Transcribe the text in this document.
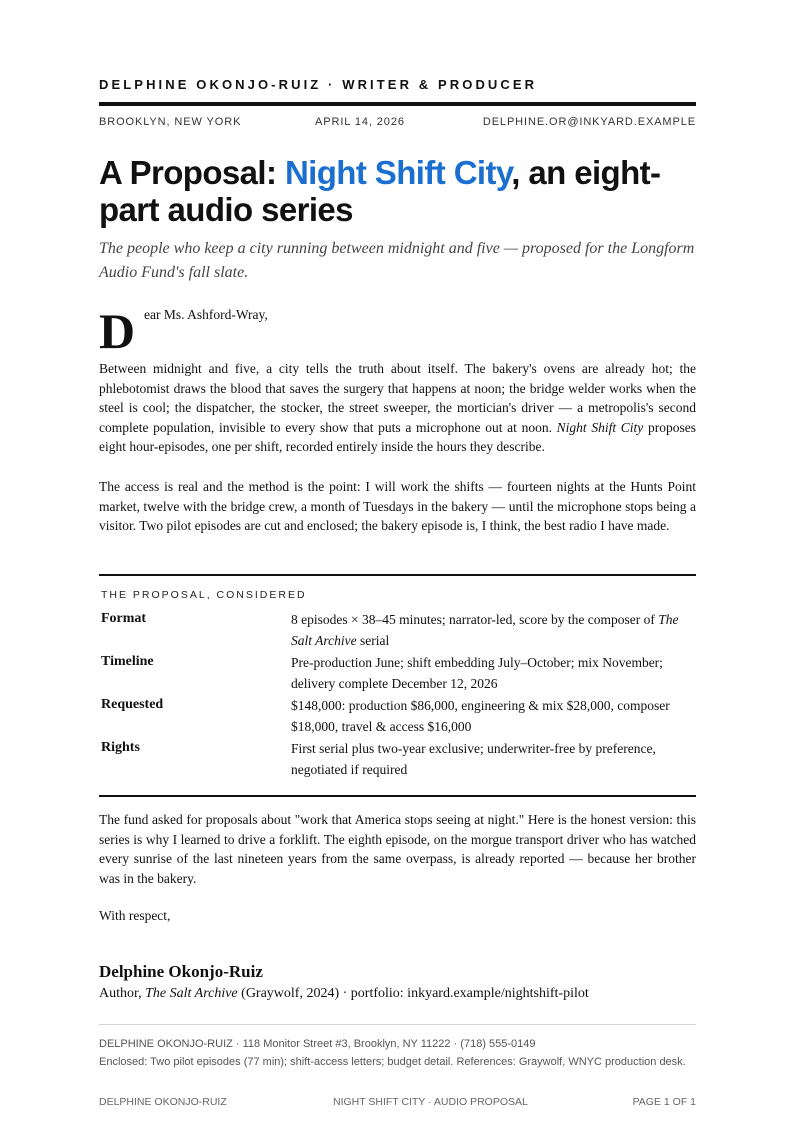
DELPHINE OKONJO-RUIZ · WRITER & PRODUCER
BROOKLYN, NEW YORK	APRIL 14, 2026	DELPHINE.OR@INKYARD.EXAMPLE
A Proposal: Night Shift City, an eight-part audio series
The people who keep a city running between midnight and five — proposed for the Longform Audio Fund's fall slate.
D ear Ms. Ashford-Wray,

Between midnight and five, a city tells the truth about itself. The bakery's ovens are already hot; the phlebotomist draws the blood that saves the surgery that happens at noon; the bridge welder works when the steel is cool; the dispatcher, the stocker, the street sweeper, the mortician's driver — a metropolis's second complete population, invisible to every show that puts a microphone out at noon. Night Shift City proposes eight hour-episodes, one per shift, recorded entirely inside the hours they describe.

The access is real and the method is the point: I will work the shifts — fourteen nights at the Hunts Point market, twelve with the bridge crew, a month of Tuesdays in the bakery — until the microphone stops being a visitor. Two pilot episodes are cut and enclosed; the bakery episode is, I think, the best radio I have made.

THE PROPOSAL, CONSIDERED
Format	8 episodes × 38–45 minutes; narrator-led, score by the composer of The Salt Archive serial
Timeline	Pre-production June; shift embedding July–October; mix November; delivery complete December 12, 2026
Requested	$148,000: production $86,000, engineering & mix $28,000, composer $18,000, travel & access $16,000
Rights	First serial plus two-year exclusive; underwriter-free by preference, negotiated if required

The fund asked for proposals about "work that America stops seeing at night." Here is the honest version: this series is why I learned to drive a forklift. The eighth episode, on the morgue transport driver who has watched every sunrise of the last nineteen years from the same overpass, is already reported — because her brother was in the bakery.

With respect,
Delphine Okonjo-Ruiz
Author, The Salt Archive (Graywolf, 2024) · portfolio: inkyard.example/nightshift-pilot
DELPHINE OKONJO-RUIZ · 118 Monitor Street #3, Brooklyn, NY 11222 · (718) 555-0149
Enclosed: Two pilot episodes (77 min); shift-access letters; budget detail. References: Graywolf, WNYC production desk.
DELPHINE OKONJO-RUIZ	NIGHT SHIFT CITY · AUDIO PROPOSAL	PAGE 1 OF 1
